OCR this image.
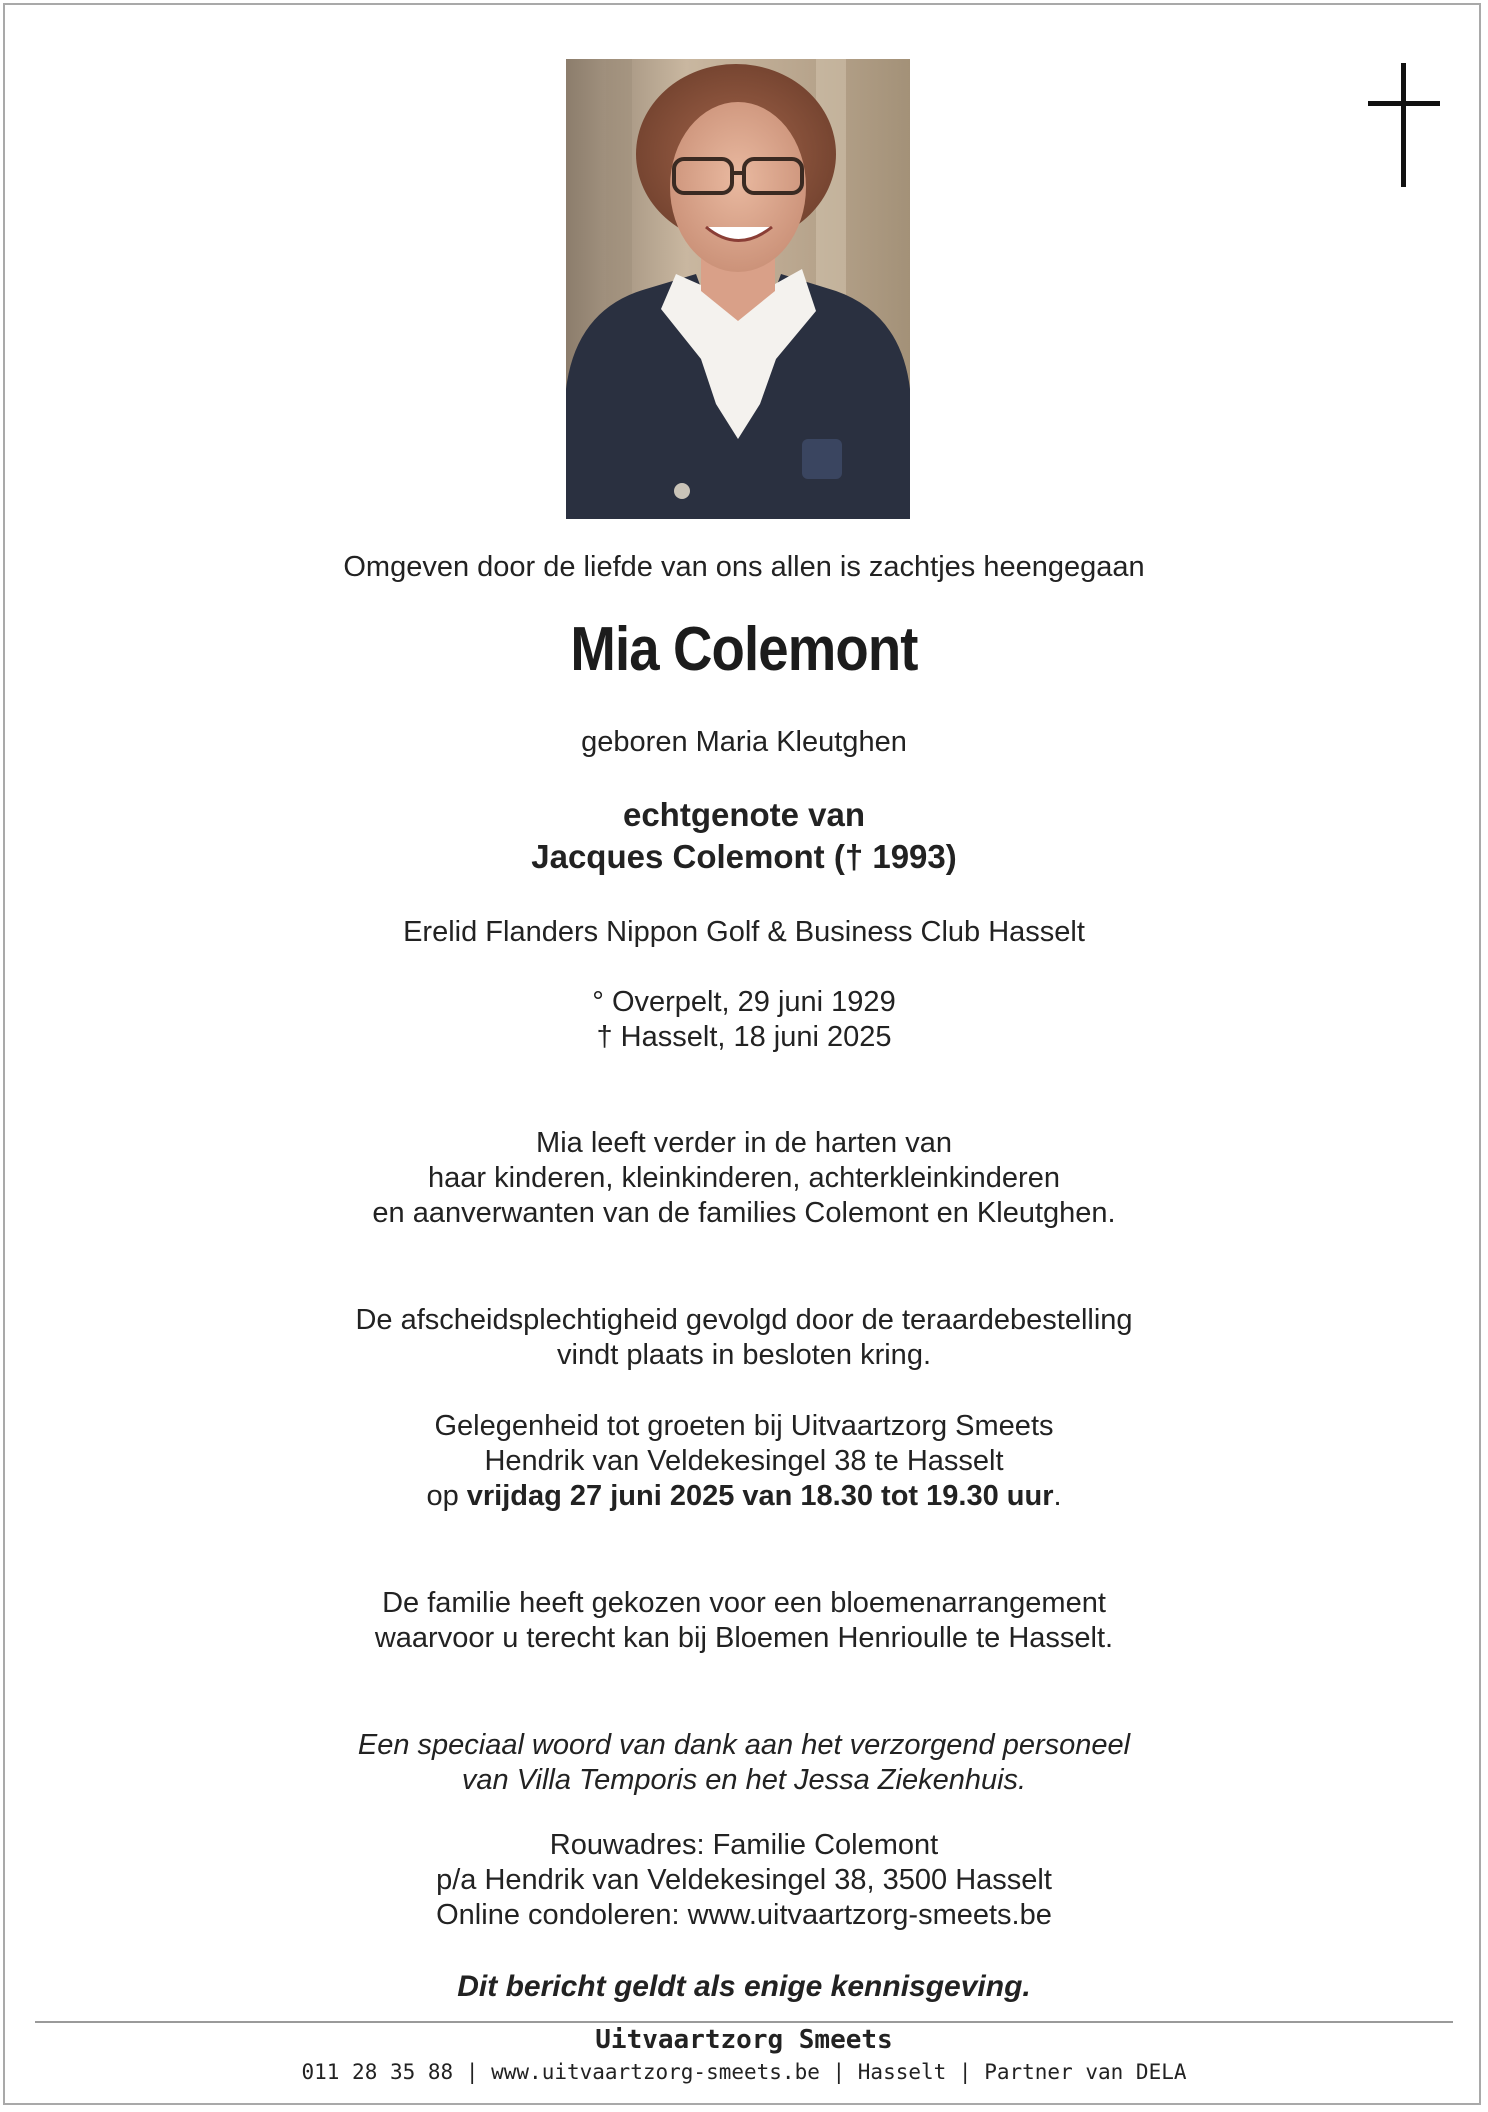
Omgeven door de liefde van ons allen is zachtjes heengegaan
Mia Colemont
geboren Maria Kleutghen
echtgenote van
Jacques Colemont († 1993)
Erelid Flanders Nippon Golf & Business Club Hasselt
° Overpelt, 29 juni 1929
† Hasselt, 18 juni 2025
Mia leeft verder in de harten van
haar kinderen, kleinkinderen, achterkleinkinderen
en aanverwanten van de families Colemont en Kleutghen.
De afscheidsplechtigheid gevolgd door de teraardebestelling
vindt plaats in besloten kring.
Gelegenheid tot groeten bij Uitvaartzorg Smeets
Hendrik van Veldekesingel 38 te Hasselt
op vrijdag 27 juni 2025 van 18.30 tot 19.30 uur.
De familie heeft gekozen voor een bloemenarrangement
waarvoor u terecht kan bij Bloemen Henrioulle te Hasselt.
Een speciaal woord van dank aan het verzorgend personeel
van Villa Temporis en het Jessa Ziekenhuis.
Rouwadres: Familie Colemont
p/a Hendrik van Veldekesingel 38, 3500 Hasselt
Online condoleren: www.uitvaartzorg-smeets.be
Dit bericht geldt als enige kennisgeving.
Uitvaartzorg Smeets
011 28 35 88 | www.uitvaartzorg-smeets.be | Hasselt | Partner van DELA
